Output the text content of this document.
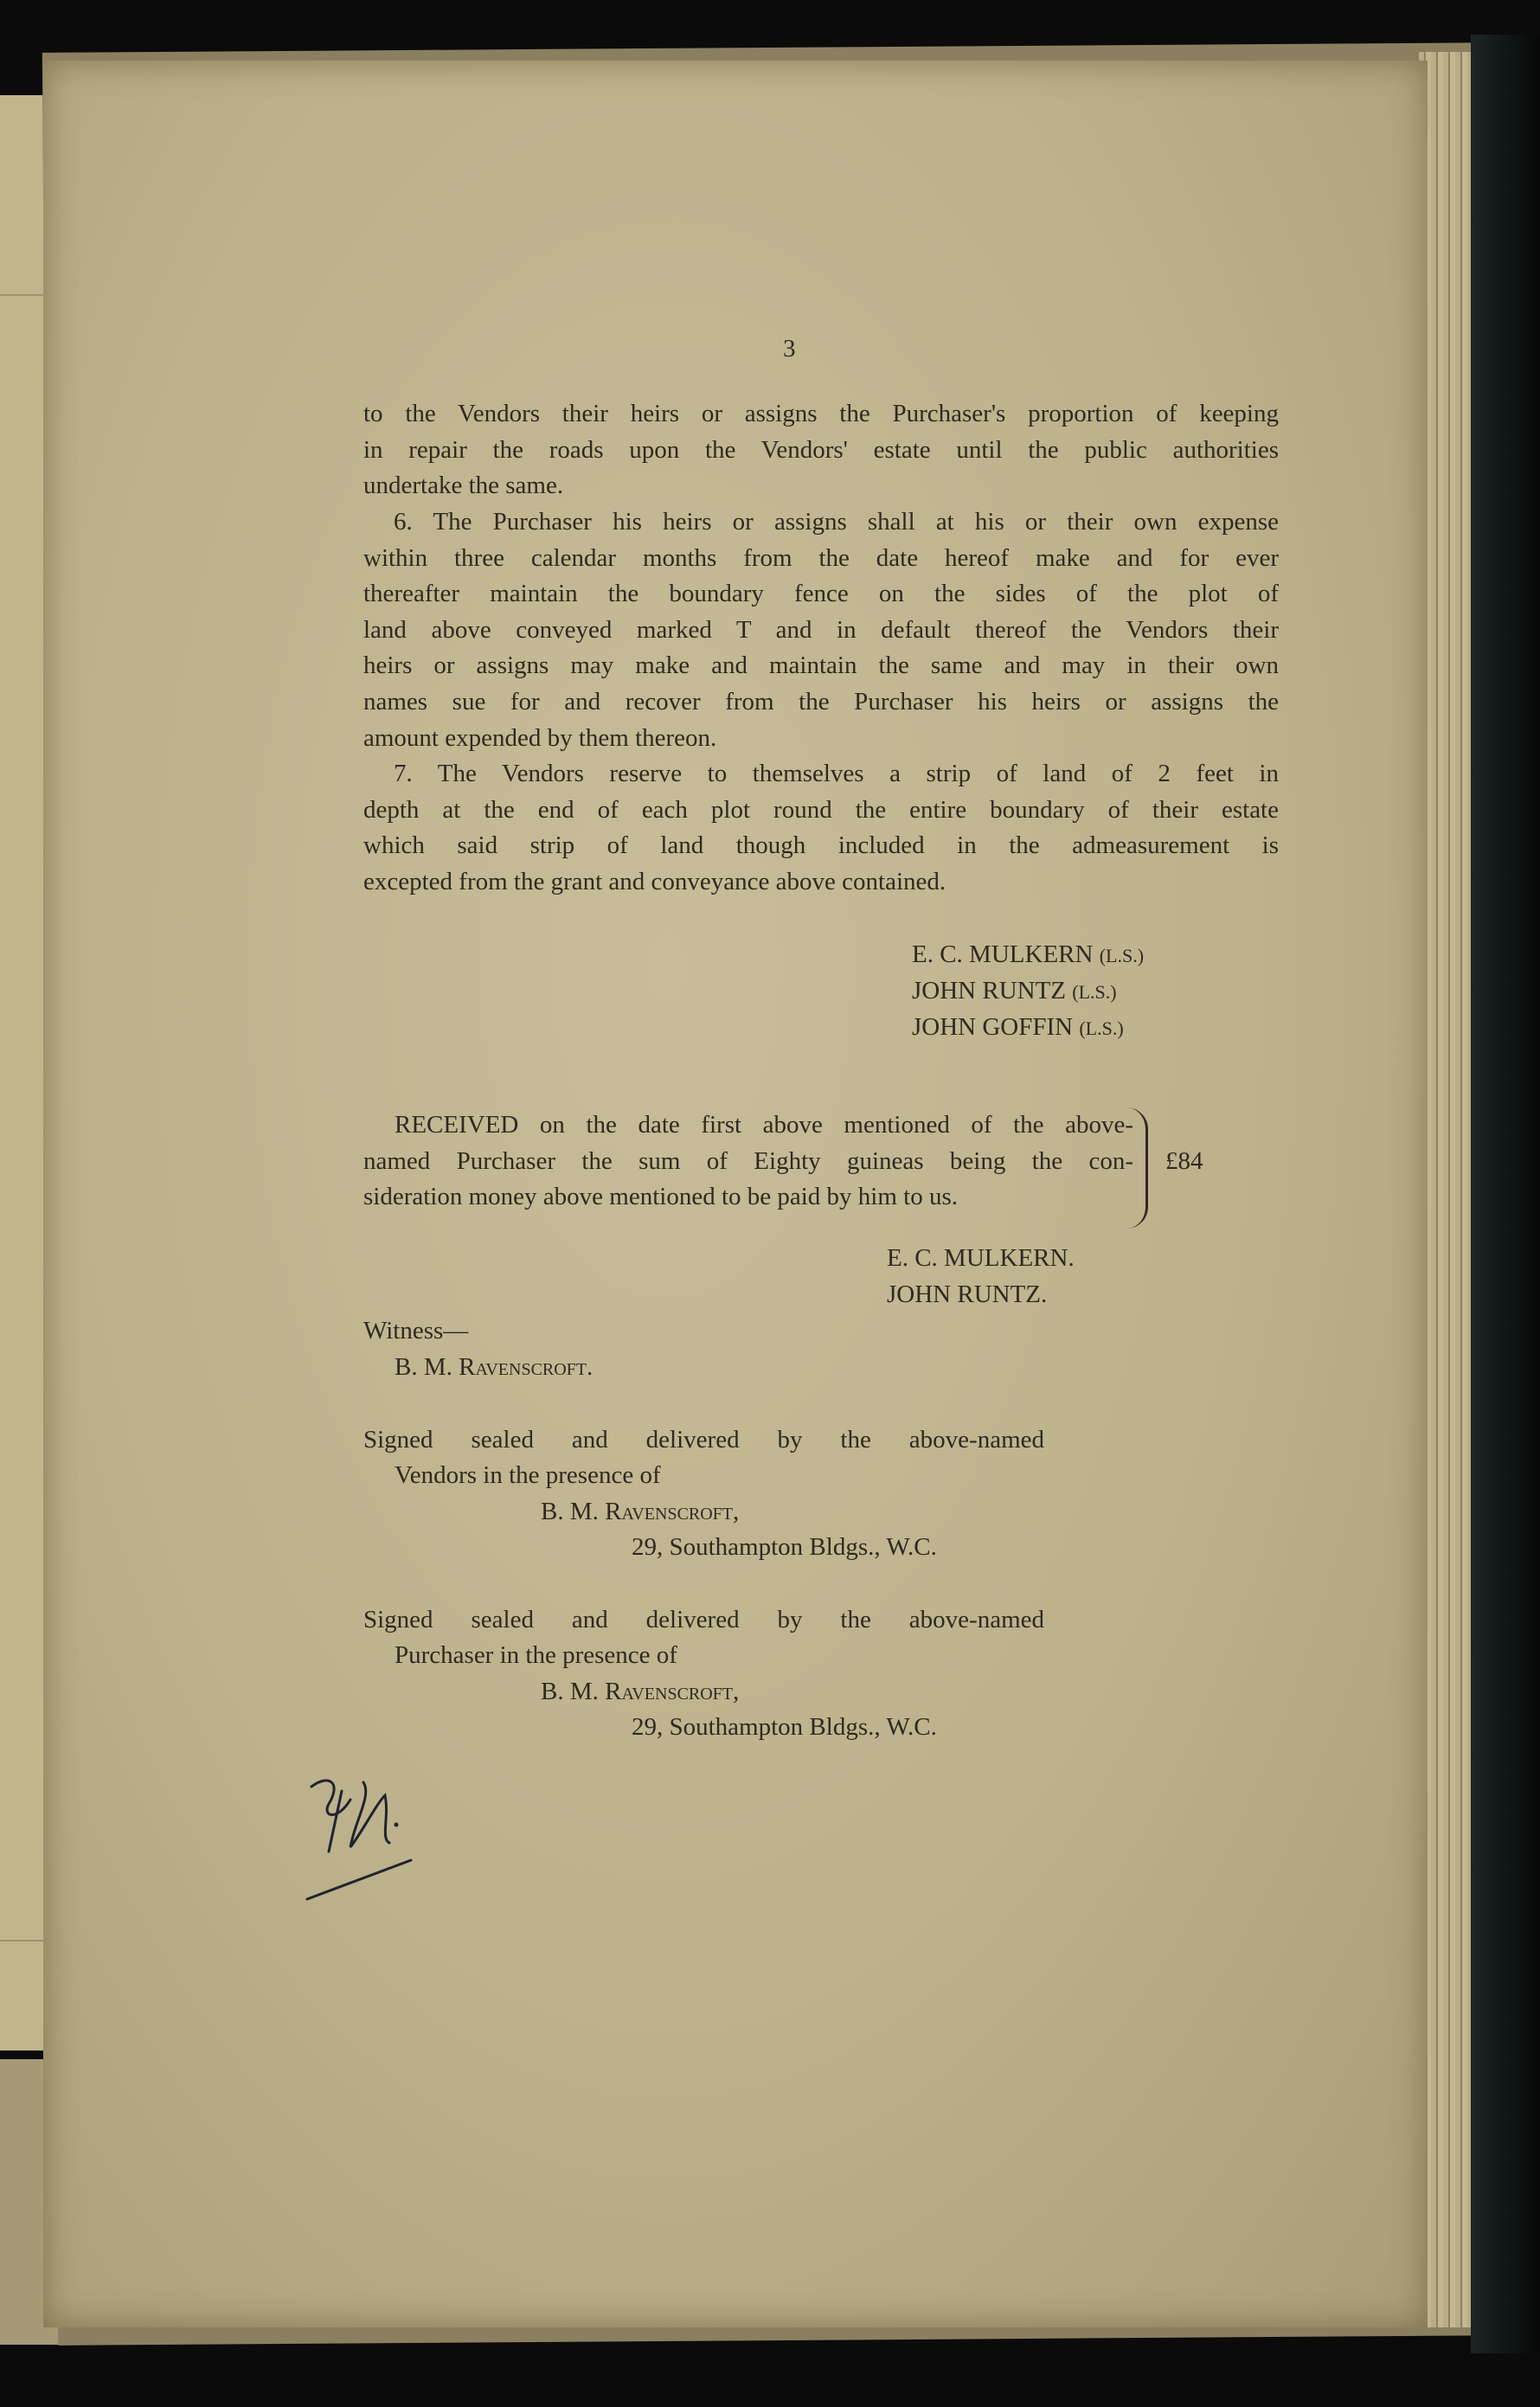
3
to the Vendors their heirs or assigns the Purchaser's proportion of keeping
in repair the roads upon the Vendors' estate until the public authorities
undertake the same.
6. The Purchaser his heirs or assigns shall at his or their own expense
within three calendar months from the date hereof make and for ever
thereafter maintain the boundary fence on the sides of the plot of
land above conveyed marked T and in default thereof the Vendors their
heirs or assigns may make and maintain the same and may in their own
names sue for and recover from the Purchaser his heirs or assigns the
amount expended by them thereon.
7. The Vendors reserve to themselves a strip of land of 2 feet in
depth at the end of each plot round the entire boundary of their estate
which said strip of land though included in the admeasurement is
excepted from the grant and conveyance above contained.
E. C. MULKERN (L.S.)
JOHN RUNTZ (L.S.)
JOHN GOFFIN (L.S.)
RECEIVED on the date first above mentioned of the above-
named Purchaser the sum of Eighty guineas being the con-
sideration money above mentioned to be paid by him to us.
£84
E. C. MULKERN.
JOHN RUNTZ.
Witness—
B. M. Ravenscroft.
Signed sealed and delivered by the above-named
Vendors in the presence of
B. M. Ravenscroft,
29, Southampton Bldgs., W.C.
Signed sealed and delivered by the above-named
Purchaser in the presence of
B. M. Ravenscroft,
29, Southampton Bldgs., W.C.
